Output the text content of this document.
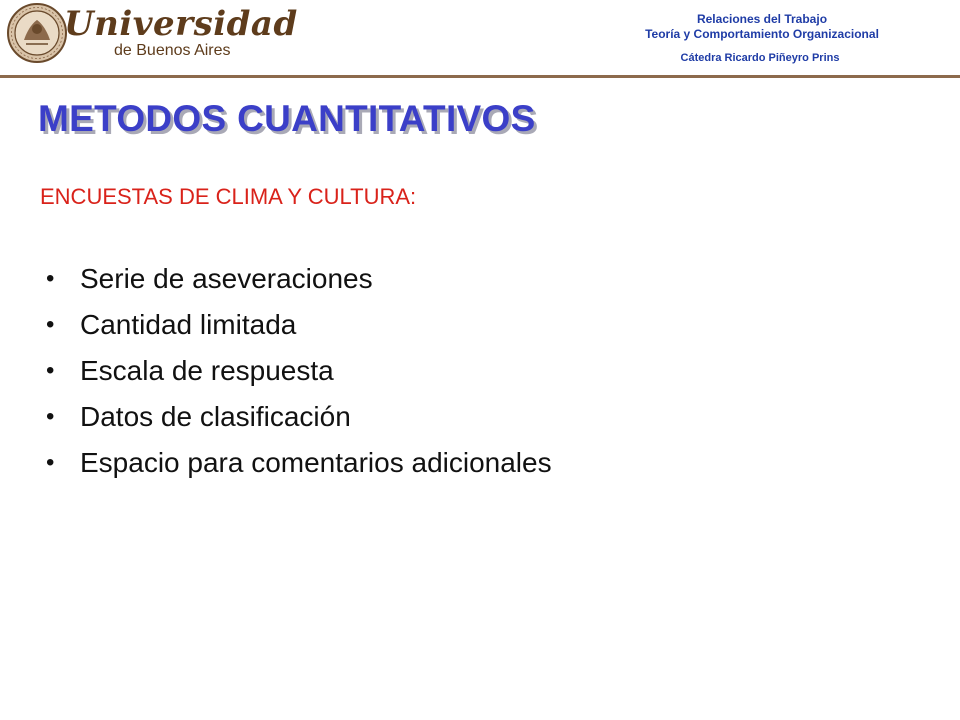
Universidad
de Buenos Aires
Relaciones del Trabajo
Teoría y Comportamiento Organizacional
Cátedra Ricardo Piñeyro Prins
METODOS CUANTITATIVOS
ENCUESTAS DE CLIMA Y CULTURA:
• Serie de aseveraciones
• Cantidad limitada
• Escala de respuesta
• Datos de clasificación
• Espacio para comentarios adicionales
